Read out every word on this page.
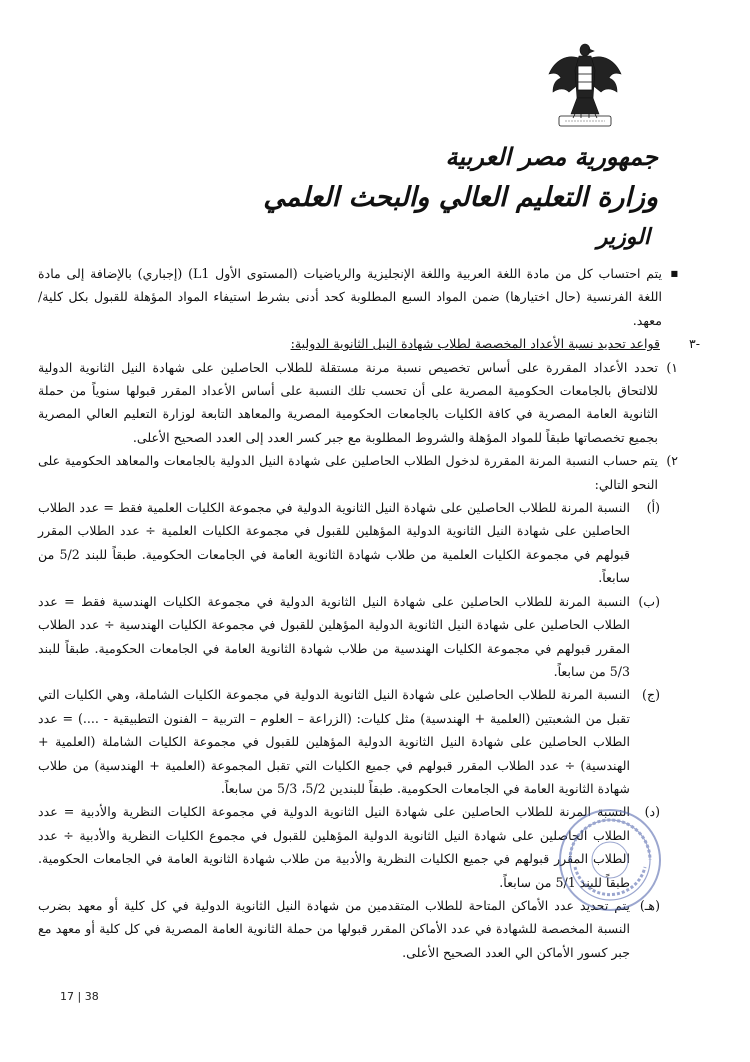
جمهورية مصر العربية
وزارة التعليم العالي والبحث العلمي
الوزير

■ يتم احتساب كل من مادة اللغة العربية واللغة الإنجليزية والرياضيات (المستوى الأول L1) (إجباري) بالإضافة إلى مادة اللغة الفرنسية (حال اختيارها) ضمن المواد السبع المطلوبة كحد أدنى بشرط استيفاء المواد المؤهلة للقبول بكل كلية/معهد.

-٣
قواعد تحديد نسبة الأعداد المخصصة لطلاب شهادة النيل الثانوية الدولية:

١)

تحدد الأعداد المقررة على أساس تخصيص نسبة مرنة مستقلة للطلاب الحاصلين على شهادة النيل الثانوية الدولية للالتحاق بالجامعات الحكومية المصرية على أن تحسب تلك النسبة على أساس الأعداد المقرر قبولها سنوياً من حملة الثانوية العامة المصرية في كافة الكليات بالجامعات الحكومية المصرية والمعاهد التابعة لوزارة التعليم العالي المصرية بجميع تخصصاتها طبقاً للمواد المؤهلة والشروط المطلوبة مع جبر كسر العدد إلى العدد الصحيح الأعلى.

٢)

يتم حساب النسبة المرنة المقررة لدخول الطلاب الحاصلين على شهادة النيل الدولية بالجامعات والمعاهد الحكومية على النحو التالي:

(أ)

النسبة المرنة للطلاب الحاصلين على شهادة النيل الثانوية الدولية في مجموعة الكليات العلمية فقط = عدد الطلاب الحاصلين على شهادة النيل الثانوية الدولية المؤهلين للقبول في مجموعة الكليات العلمية ÷ عدد الطلاب المقرر قبولهم في مجموعة الكليات العلمية من طلاب شهادة الثانوية العامة في الجامعات الحكومية. طبقاً للبند 5/2 من سابعاً.

(ب)

النسبة المرنة للطلاب الحاصلين على شهادة النيل الثانوية الدولية في مجموعة الكليات الهندسية فقط = عدد الطلاب الحاصلين على شهادة النيل الثانوية الدولية المؤهلين للقبول في مجموعة الكليات الهندسية ÷ عدد الطلاب المقرر قبولهم في مجموعة الكليات الهندسية من طلاب شهادة الثانوية العامة في الجامعات الحكومية. طبقاً للبند 5/3 من سابعاً.

(ج)

النسبة المرنة للطلاب الحاصلين على شهادة النيل الثانوية الدولية في مجموعة الكليات الشاملة، وهي الكليات التي تقبل من الشعبتين (العلمية + الهندسية) مثل كليات: (الزراعة – العلوم – التربية – الفنون التطبيقية - ....) = عدد الطلاب الحاصلين على شهادة النيل الثانوية الدولية المؤهلين للقبول في مجموعة الكليات الشاملة (العلمية + الهندسية) ÷ عدد الطلاب المقرر قبولهم في جميع الكليات التي تقبل المجموعة (العلمية + الهندسية) من طلاب شهادة الثانوية العامة في الجامعات الحكومية. طبقاً للبندين 5/2، 5/3 من سابعاً.

(د)

النسبة المرنة للطلاب الحاصلين على شهادة النيل الثانوية الدولية في مجموعة الكليات النظرية والأدبية = عدد الطلاب الحاصلين على شهادة النيل الثانوية الدولية المؤهلين للقبول في مجموع الكليات النظرية والأدبية ÷ عدد الطلاب المقرر قبولهم في جميع الكليات النظرية والأدبية من طلاب شهادة الثانوية العامة في الجامعات الحكومية. طبقاً للبند 5/1 من سابعاً.

(هـ)

يتم تحديد عدد الأماكن المتاحة للطلاب المتقدمين من شهادة النيل الثانوية الدولية في كل كلية أو معهد بضرب النسبة المخصصة للشهادة في عدد الأماكن المقرر قبولها من حملة الثانوية العامة المصرية في كل كلية أو معهد مع جبر كسور الأماكن الي العدد الصحيح الأعلى.

17 | 38
